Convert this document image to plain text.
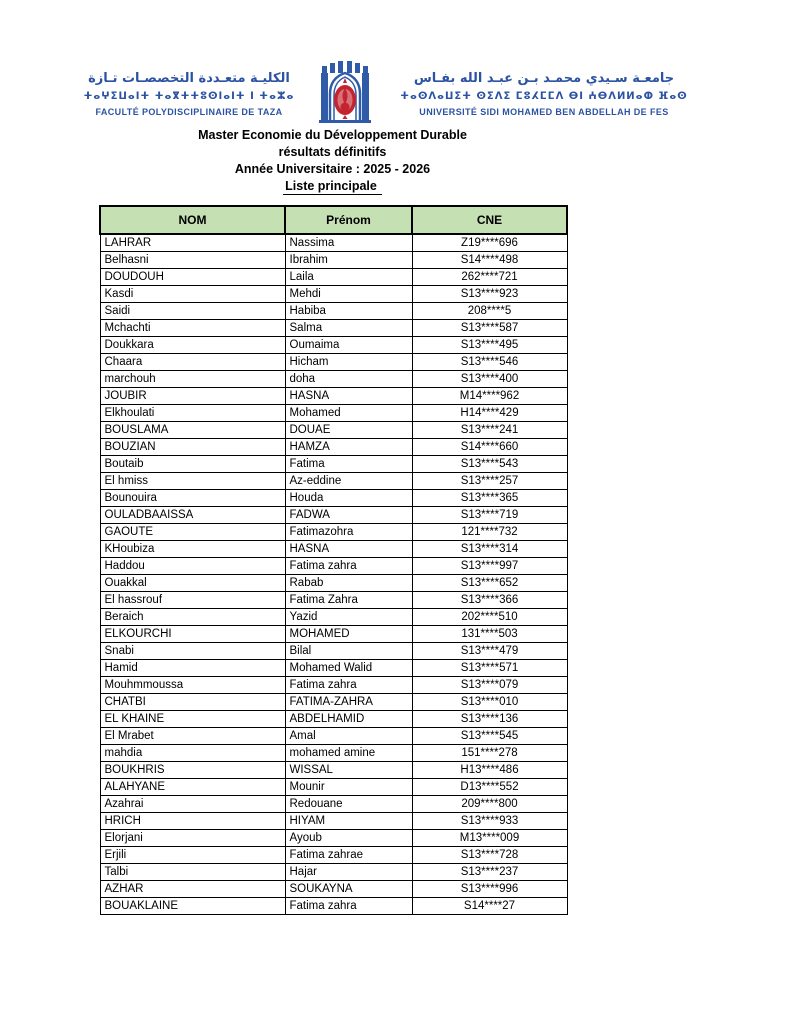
الكليـة متعـددة التخصصـات تـازة
ⵜⴰⵖⵉⵡⴰⵏⵜ ⵜⴰⴳⵜⵜⵓⵙⵏⴰⵏⵜ ⵏ ⵜⴰⵣⴰ
FACULTÉ POLYDISCIPLINAIRE DE TAZA
جامعـة سـيدي محمـد بـن عبـد الله بفـاس
ⵜⴰⵙⴷⴰⵡⵉⵜ ⵙⵉⴷⵉ ⵎⵓⵃⵎⵎⴷ ⴱⵏ ⵄⴱⴷⵍⵍⴰⵀ ⴼⴰⵙ
UNIVERSITÉ SIDI MOHAMED BEN ABDELLAH DE FES
Master Economie du Développement Durable
résultats définitifs
Année Universitaire : 2025 - 2026
Liste principale
NOM	Prénom	CNE
LAHRAR	Nassima	Z19****696
Belhasni	Ibrahim	S14****498
DOUDOUH	Laila	262****721
Kasdi	Mehdi	S13****923
Saidi	Habiba	208****5
Mchachti	Salma	S13****587
Doukkara	Oumaima	S13****495
Chaara	Hicham	S13****546
marchouh	doha	S13****400
JOUBIR	HASNA	M14****962
Elkhoulati	Mohamed	H14****429
BOUSLAMA	DOUAE	S13****241
BOUZIAN	HAMZA	S14****660
Boutaib	Fatima	S13****543
El hmiss	Az-eddine	S13****257
Bounouira	Houda	S13****365
OULADBAAISSA	FADWA	S13****719
GAOUTE	Fatimazohra	121****732
KHoubiza	HASNA	S13****314
Haddou	Fatima zahra	S13****997
Ouakkal	Rabab	S13****652
El hassrouf	Fatima Zahra	S13****366
Beraich	Yazid	202****510
ELKOURCHI	MOHAMED	131****503
Snabi	Bilal	S13****479
Hamid	Mohamed Walid	S13****571
Mouhmmoussa	Fatima zahra	S13****079
CHATBI	FATIMA-ZAHRA	S13****010
EL KHAINE	ABDELHAMID	S13****136
El Mrabet	Amal	S13****545
mahdia	mohamed amine	151****278
BOUKHRIS	WISSAL	H13****486
ALAHYANE	Mounir	D13****552
Azahrai	Redouane	209****800
HRICH	HIYAM	S13****933
Elorjani	Ayoub	M13****009
Erjili	Fatima zahrae	S13****728
Talbi	Hajar	S13****237
AZHAR	SOUKAYNA	S13****996
BOUAKLAINE	Fatima zahra	S14****27
